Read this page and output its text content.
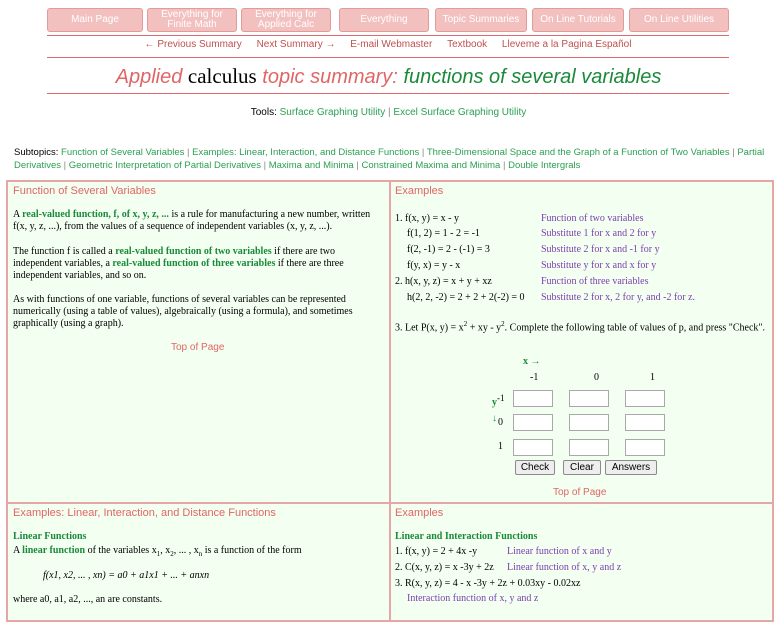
Main Page	Everything for Finite Math
Everything for Applied Calc	Everything	Topic Summaries	On Line Tutorials	On Line Utilities
← Previous Summary Next Summary → E-mail Webmaster Textbook Lleveme a la Pagina Español
Applied calculus topic summary: functions of several variables
Tools: Surface Graphing Utility | Excel Surface Graphing Utility
Subtopics: Function of Several Variables | Examples: Linear, Interaction, and Distance Functions | Three-Dimensional Space and the Graph of a Function of Two Variables | Partial Derivatives | Geometric Interpretation of Partial Derivatives | Maxima and Minima | Constrained Maxima and Minima | Double Intergrals
Function of Several Variables
A real-valued function, f, of x, y, z, ... is a rule for manufacturing a new number, written f(x, y, z, ...), from the values of a sequence of independent variables (x, y, z, ...).
The function f is called a real-valued function of two variables if there are two independent variables, a real-valued function of three variables if there are three independent variables, and so on.
As with functions of one variable, functions of several variables can be represented numerically (using a table of values), algebraically (using a formula), and sometimes graphically (using a graph).
Top of Page
Examples
1. f(x, y) = x - y	Function of two variables
f(1, 2) = 1 - 2 = -1	Substitute 1 for x and 2 for y
f(2, -1) = 2 - (-1) = 3	Substitute 2 for x and -1 for y
f(y, x) = y - x	Substitute y for x and x for y
2. h(x, y, z) = x + y + xz	Function of three variables
h(2, 2, -2) = 2 + 2 + 2(-2) = 0 Substitute 2 for x, 2 for y, and -2 for z.
3. Let P(x, $y) = x^2$ + xy - $y^2$. Complete the following table of values of p, and press "Check".
x →
-1	0	1
y
↓
-1
0
1
Check	Clear	Answers
Top of Page
Examples: Linear, Interaction, and Distance Functions
Linear Functions
A linear function of the variables $x_1$, $x_2$, ... , $x_n$ is a function of the form
f(x1, x2, ... , xn) = a0 + a1x1 + ... + anxn
where a0, a1, a2, ..., an are constants.
Examples
Linear and Interaction Functions
1. f(x, y) = 2 + 4x -y	Linear function of x and y
2. C(x, y, z) = x -3y + 2z Linear function of x, y and z
3. R(x, y, z) = 4 - x -3y + 2z + 0.03xy - 0.02xz
Interaction function of x, y and z
